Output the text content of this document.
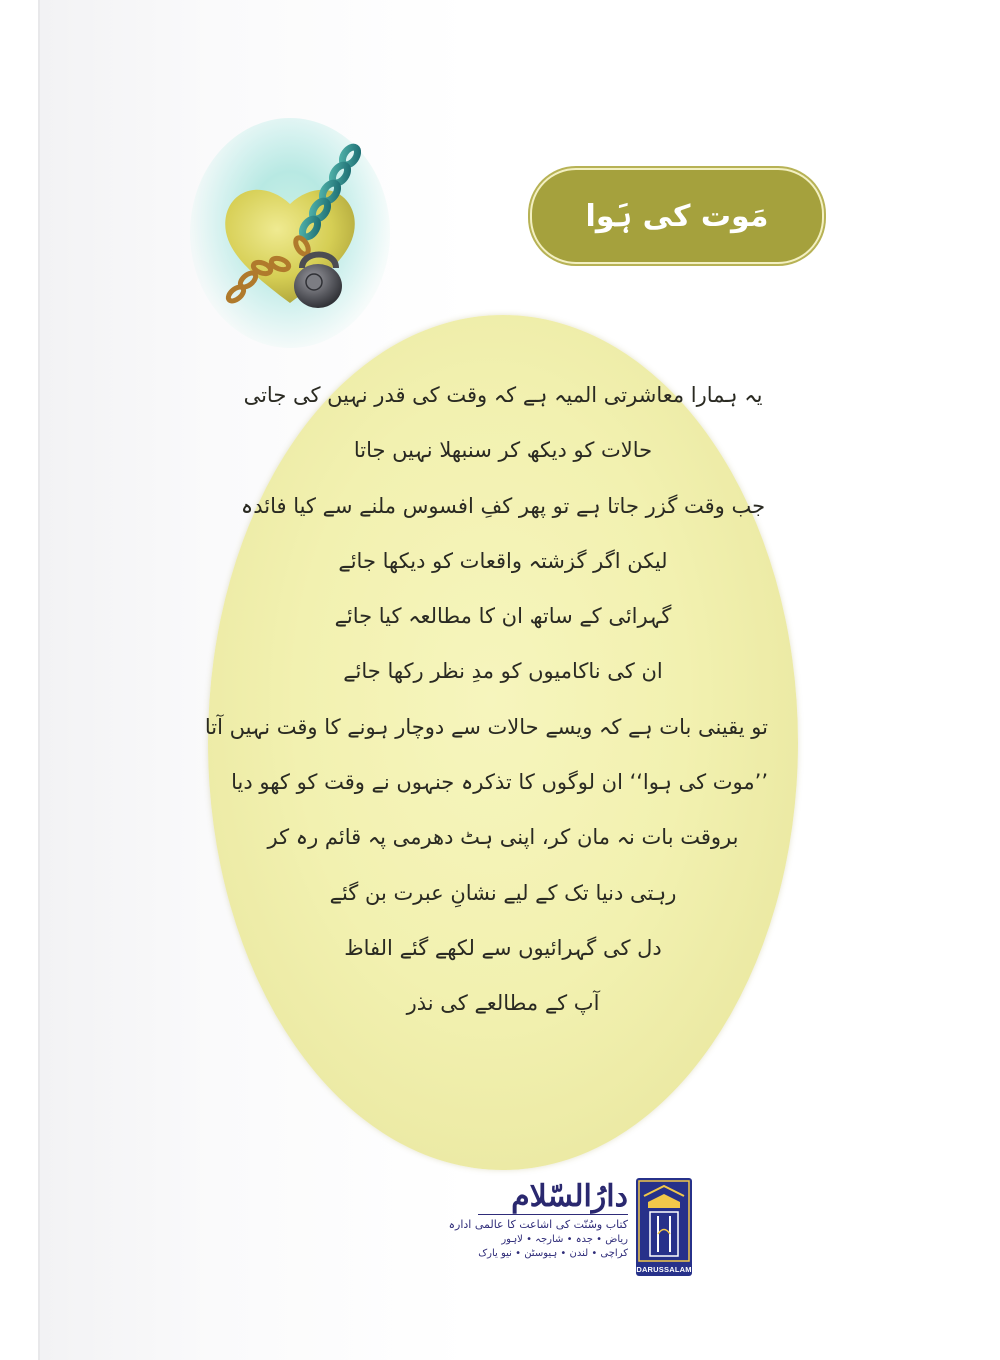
مَوت کی ہَوا
یہ ہمارا معاشرتی المیہ ہے کہ وقت کی قدر نہیں کی جاتی
حالات کو دیکھ کر سنبھلا نہیں جاتا
جب وقت گزر جاتا ہے تو پھر کفِ افسوس ملنے سے کیا فائدہ
لیکن اگر گزشتہ واقعات کو دیکھا جائے
گہرائی کے ساتھ ان کا مطالعہ کیا جائے
ان کی ناکامیوں کو مدِ نظر رکھا جائے
تو یقینی بات ہے کہ ویسے حالات سے دوچار ہونے کا وقت نہیں آتا
’’موت کی ہوا‘‘ ان لوگوں کا تذکرہ جنہوں نے وقت کو کھو دیا
بروقت بات نہ مان کر، اپنی ہٹ دھرمی پہ قائم رہ کر
رہتی دنیا تک کے لیے نشانِ عبرت بن گئے
دل کی گہرائیوں سے لکھے گئے الفاظ
آپ کے مطالعے کی نذر
دارُالسّلام
کتاب وسُنّت کی اشاعت کا عالمی ادارہ
ریاض • جدہ • شارجہ • لاہور
کراچی • لندن • ہیوسٹن • نیو یارک
DARUSSALAM
